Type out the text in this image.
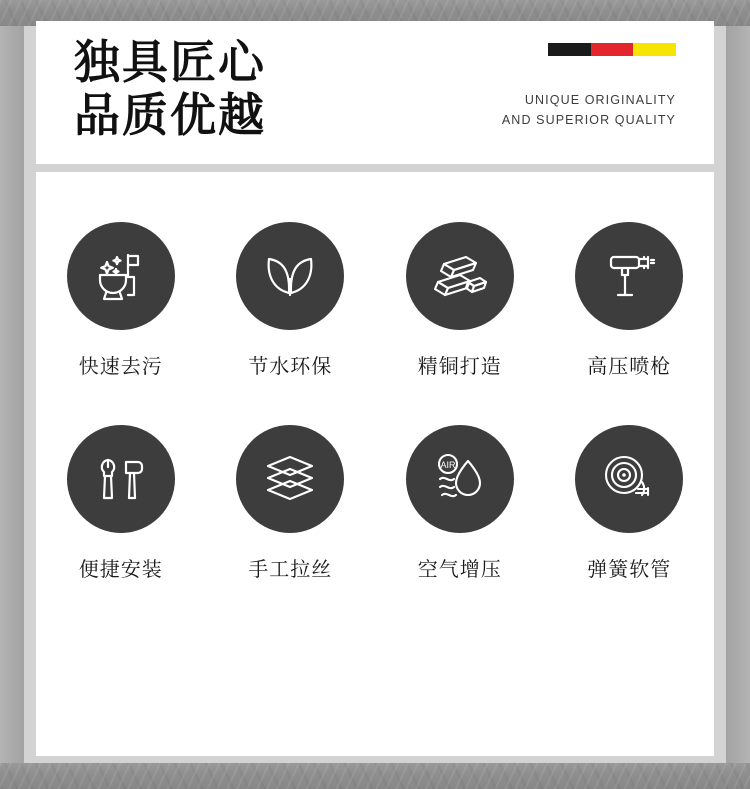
独具匠心
品质优越	UNIQUE ORIGINALITY
AND SUPERIOR QUALITY
快速去污	节水环保	精铜打造	高压喷枪
便捷安装	手工拉丝
AIR
空气增压	弹簧软管
